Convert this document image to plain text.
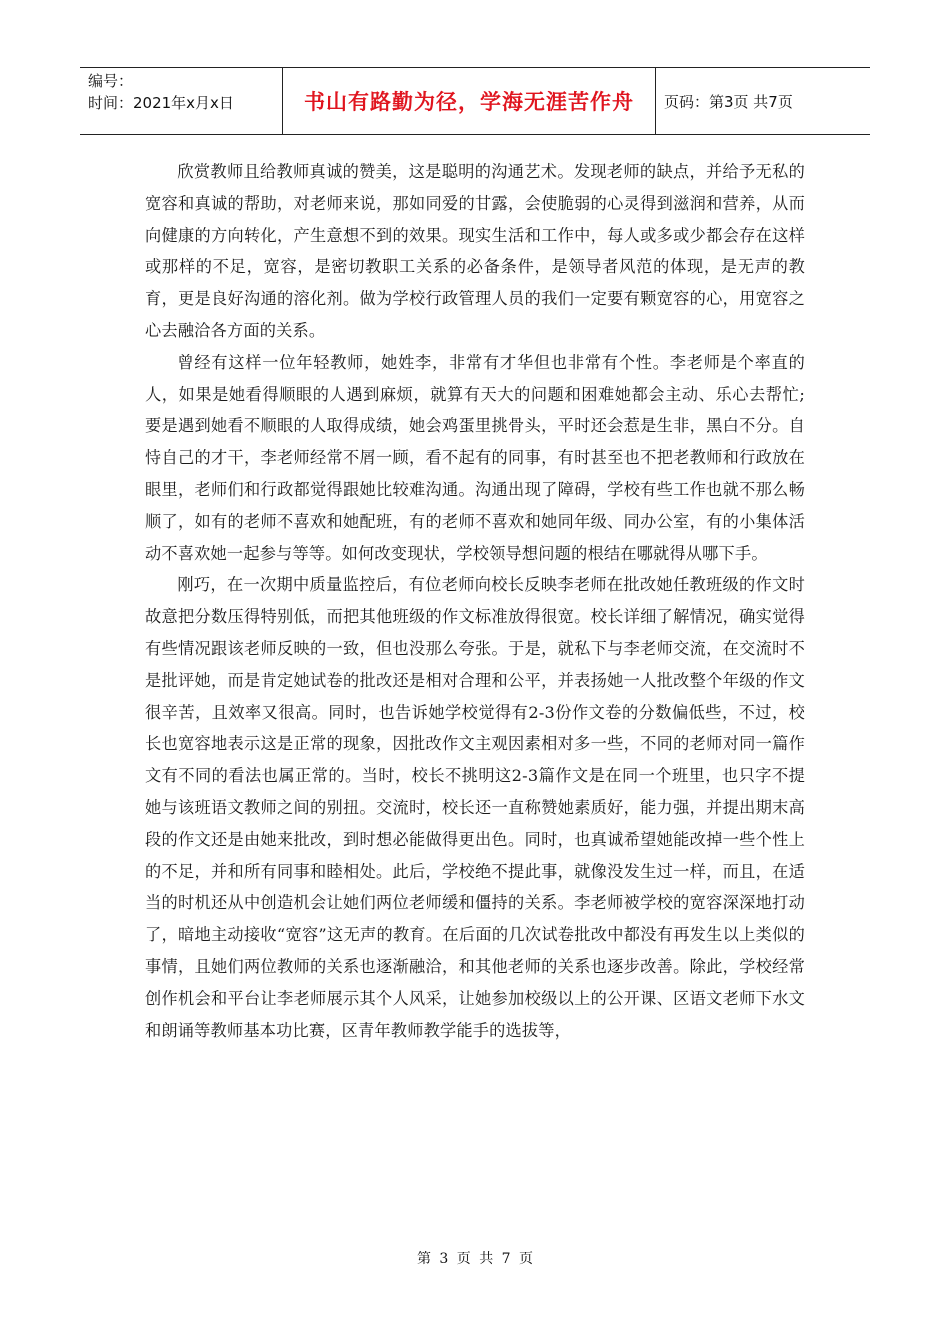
编号：
时间：2021年x月x日	书山有路勤为径，学海无涯苦作舟	页码：第3页 共7页

欣赏教师且给教师真诚的赞美，这是聪明的沟通艺术。发现老师的缺点，并给予无私的宽容和真诚的帮助，对老师来说，那如同爱的甘露，会使脆弱的心灵得到滋润和营养，从而向健康的方向转化，产生意想不到的效果。现实生活和工作中，每人或多或少都会存在这样或那样的不足，宽容，是密切教职工关系的必备条件，是领导者风范的体现，是无声的教育，更是良好沟通的溶化剂。做为学校行政管理人员的我们一定要有颗宽容的心，用宽容之心去融洽各方面的关系。

曾经有这样一位年轻教师，她姓李，非常有才华但也非常有个性。李老师是个率直的人，如果是她看得顺眼的人遇到麻烦，就算有天大的问题和困难她都会主动、乐心去帮忙;要是遇到她看不顺眼的人取得成绩，她会鸡蛋里挑骨头，平时还会惹是生非，黑白不分。自恃自己的才干，李老师经常不屑一顾，看不起有的同事，有时甚至也不把老教师和行政放在眼里，老师们和行政都觉得跟她比较难沟通。沟通出现了障碍，学校有些工作也就不那么畅顺了，如有的老师不喜欢和她配班，有的老师不喜欢和她同年级、同办公室，有的小集体活动不喜欢她一起参与等等。如何改变现状，学校领导想问题的根结在哪就得从哪下手。

刚巧，在一次期中质量监控后，有位老师向校长反映李老师在批改她任教班级的作文时故意把分数压得特别低，而把其他班级的作文标准放得很宽。校长详细了解情况，确实觉得有些情况跟该老师反映的一致，但也没那么夸张。于是，就私下与李老师交流，在交流时不是批评她，而是肯定她试卷的批改还是相对合理和公平，并表扬她一人批改整个年级的作文很辛苦，且效率又很高。同时，也告诉她学校觉得有2-3份作文卷的分数偏低些，不过，校长也宽容地表示这是正常的现象，因批改作文主观因素相对多一些，不同的老师对同一篇作文有不同的看法也属正常的。当时，校长不挑明这2-3篇作文是在同一个班里，也只字不提她与该班语文教师之间的别扭。交流时，校长还一直称赞她素质好，能力强，并提出期末高段的作文还是由她来批改，到时想必能做得更出色。同时，也真诚希望她能改掉一些个性上的不足，并和所有同事和睦相处。此后，学校绝不提此事，就像没发生过一样，而且，在适当的时机还从中创造机会让她们两位老师缓和僵持的关系。李老师被学校的宽容深深地打动了，暗地主动接收“宽容”这无声的教育。在后面的几次试卷批改中都没有再发生以上类似的事情，且她们两位教师的关系也逐渐融洽，和其他老师的关系也逐步改善。除此，学校经常创作机会和平台让李老师展示其个人风采，让她参加校级以上的公开课、区语文老师下水文和朗诵等教师基本功比赛，区青年教师教学能手的选拔等，

第 3 页 共 7 页
